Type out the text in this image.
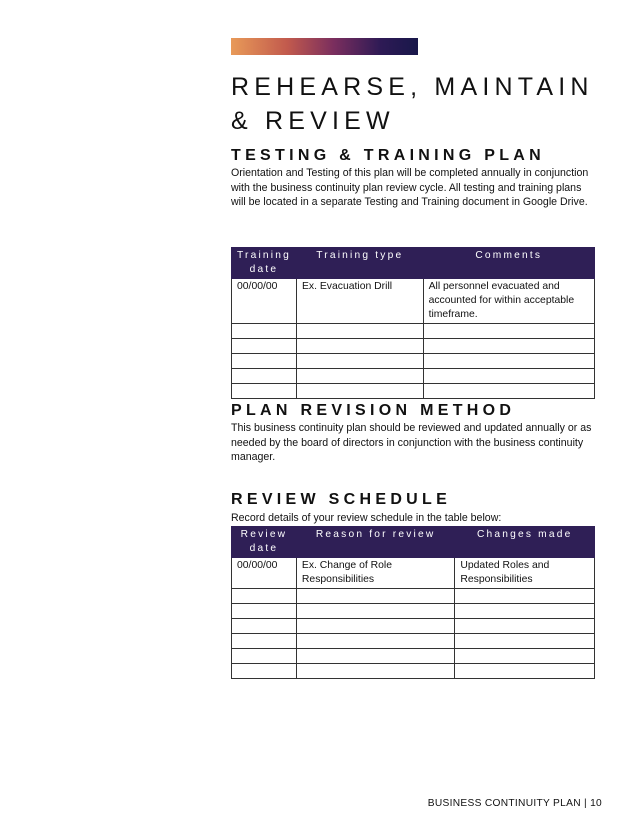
REHEARSE, MAINTAIN
& REVIEW
TESTING & TRAINING PLAN

Orientation and Testing of this plan will be completed annually in conjunction with the business continuity plan review cycle. All testing and training plans will be located in a separate Testing and Training document in Google Drive.

Training date	Training type	Comments
00/00/00	Ex. Evacuation Drill	All personnel evacuated and accounted for within acceptable timeframe.

PLAN REVISION METHOD

This business continuity plan should be reviewed and updated annually or as needed by the board of directors in conjunction with the business continuity manager.

REVIEW SCHEDULE

Record details of your review schedule in the table below:

Review date	Reason for review	Changes made
00/00/00	Ex. Change of Role Responsibilities	Updated Roles and Responsibilities

BUSINESS CONTINUITY PLAN | 10
